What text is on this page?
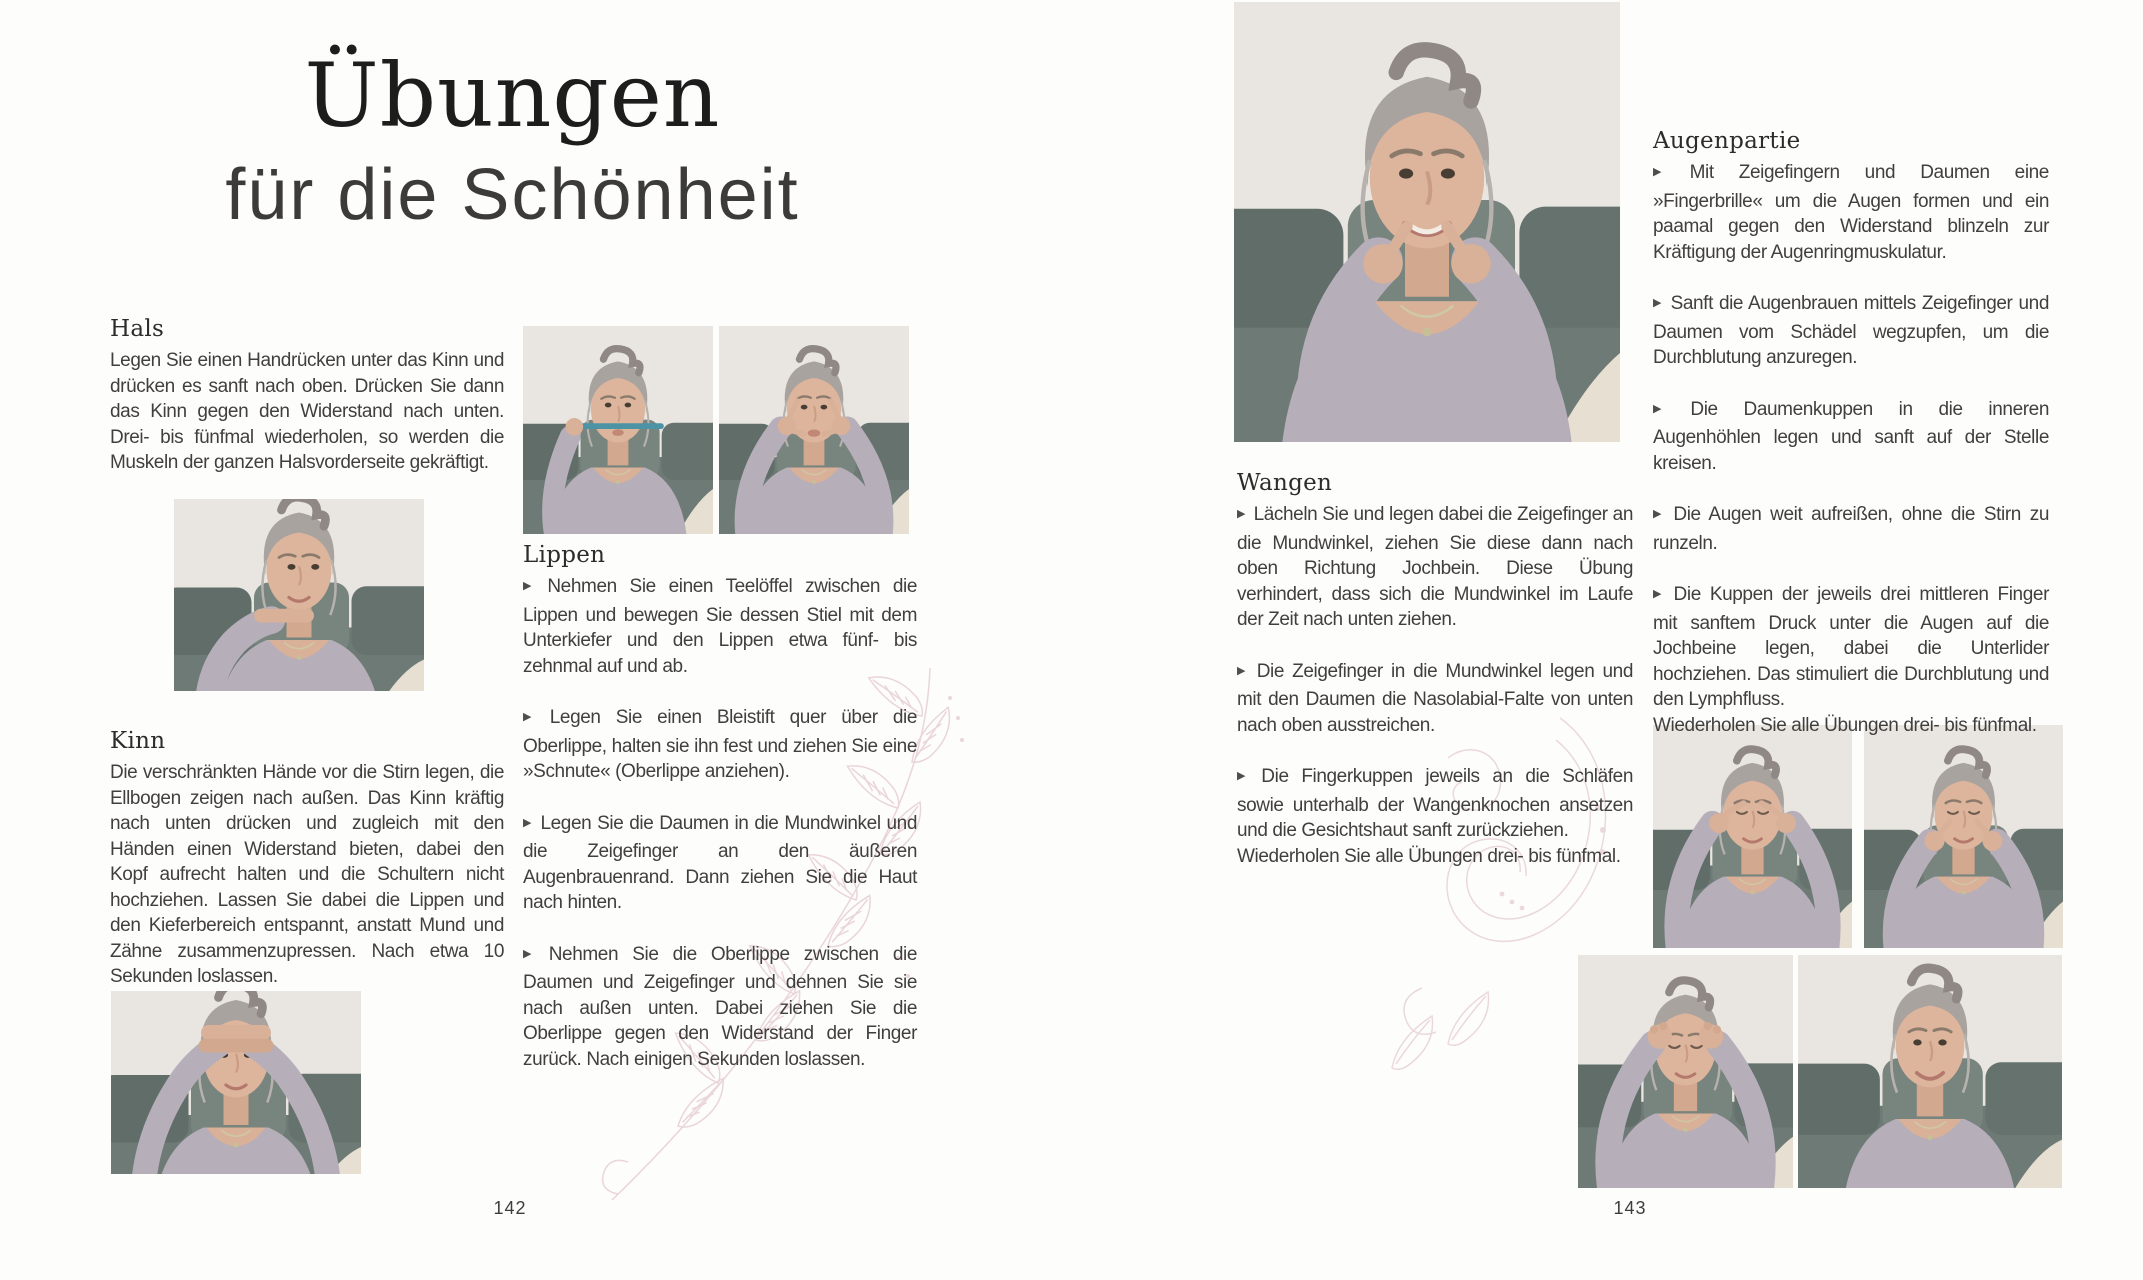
Übungen
für die Schönheit
Hals

Legen Sie einen Handrücken unter das Kinn und drücken es sanft nach oben. Drücken Sie dann das Kinn gegen den Widerstand nach unten. Drei- bis fünfmal wiederholen, so werden die Muskeln der ganzen Halsvorderseite gekräftigt.

Kinn

Die verschränkten Hände vor die Stirn legen, die Ellbogen zeigen nach außen. Das Kinn kräftig nach unten drücken und zugleich mit den Händen einen Widerstand bieten, dabei den Kopf aufrecht halten und die Schultern nicht hochziehen. Lassen Sie dabei die Lippen und den Kieferbereich entspannt, anstatt Mund und Zähne zusammenzupressen. Nach etwa 10 Sekunden loslassen.

Lippen

▶ Nehmen Sie einen Teelöffel zwischen die Lippen und bewegen Sie dessen Stiel mit dem Unterkiefer und den Lippen etwa fünf- bis zehnmal auf und ab.

▶ Legen Sie einen Bleistift quer über die Oberlippe, halten sie ihn fest und ziehen Sie eine »Schnute« (Oberlippe anziehen).

▶ Legen Sie die Daumen in die Mundwinkel und die Zeigefinger an den äußeren Augenbrauenrand. Dann ziehen Sie die Haut nach hinten.

▶ Nehmen Sie die Oberlippe zwischen die Daumen und Zeigefinger und dehnen Sie sie nach außen unten. Dabei ziehen Sie die Oberlippe gegen den Widerstand der Finger zurück. Nach einigen Sekunden loslassen.

142
Wangen

▶ Lächeln Sie und legen dabei die Zeigefinger an die Mundwinkel, ziehen Sie diese dann nach oben Richtung Jochbein. Diese Übung verhindert, dass sich die Mundwinkel im Laufe der Zeit nach unten ziehen.

▶ Die Zeigefinger in die Mundwinkel legen und mit den Daumen die Nasolabial-Falte von unten nach oben ausstreichen.

▶ Die Fingerkuppen jeweils an die Schläfen sowie unterhalb der Wangenknochen ansetzen und die Gesichtshaut sanft zurückziehen.

Wiederholen Sie alle Übungen drei- bis fünfmal.

Augenpartie

▶ Mit Zeigefingern und Daumen eine »Fingerbrille« um die Augen formen und ein paamal gegen den Widerstand blinzeln zur Kräftigung der Augenringmuskulatur.

▶ Sanft die Augenbrauen mittels Zeigefinger und Daumen vom Schädel wegzupfen, um die Durchblutung anzuregen.

▶ Die Daumenkuppen in die inneren Augenhöhlen legen und sanft auf der Stelle kreisen.

▶ Die Augen weit aufreißen, ohne die Stirn zu runzeln.

▶ Die Kuppen der jeweils drei mittleren Finger mit sanftem Druck unter die Augen auf die Jochbeine legen, dabei die Unterlider hochziehen. Das stimuliert die Durchblutung und den Lymphfluss.

Wiederholen Sie alle Übungen drei- bis fünfmal.

143
